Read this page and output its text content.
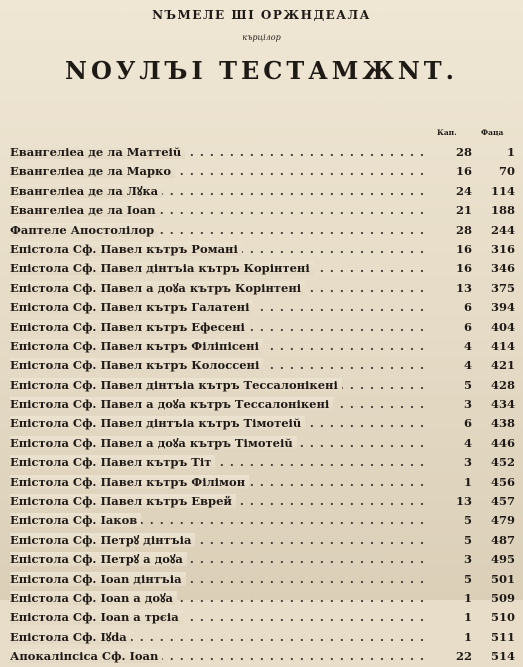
NЪMЕЛЕ ШI OРЖНДЕАЛА
кърцілор
NОУЛЪI ТЕСТАМЖNТ.
Кап.	Фаца
. . .
Евангеліеа де ла Маттеіŭ	28	1
. . .
Евангеліеа де ла Марко	16	70
. . .
Евангеліеа де ла Лꙋка	24	114
. . .
Евангеліеа де ла Ioan	21	188
. . .
Фаптеле Апостолілор	28	244
. . .
Епістола Сф. Павел кътръ Романі	16	316
. . .
Епістола Сф. Павел дінтъіа кътръ Корінтені	16	346
. . .
Епістола Сф. Павел а доꙋа кътръ Корінтені	13	375
. . .
Епістола Сф. Павел кътръ Галатені	6	394
. . .
Епістола Сф. Павел кътръ Ефесені	6	404
. . .
Епістола Сф. Павел кътръ Філіпісені	4	414
. . .
Епістола Сф. Павел кътръ Колоссені	4	421
. . .
Епістола Сф. Павел дінтъіа кътръ Тессалонікені	5	428
. . .
Епістола Сф. Павел а доꙋа кътръ Тессалонікені	3	434
. . .
Епістола Сф. Павел дінтъіа кътръ Тімотеіŭ	6	438
. . .
Епістола Сф. Павел а доꙋа кътръ Тімотеіŭ	4	446
. . .
Епістола Сф. Павел кътръ Тіт	3	452
. . .
Епістола Сф. Павел кътръ Філімон	1	456
. . .
Епістола Сф. Павел кътръ Еврей	13	457
. . .
Епістола Сф. Іаков	5	479
. . .
Епістола Сф. Петрꙋ дінтъіа	5	487
. . .
Епістола Сф. Петрꙋ а доꙋа	3	495
. . .
Епістола Сф. Ioan дінтъіа	5	501
. . .
Епістола Сф. Ioan а доꙋа	1	509
. . .
Епістола Сф. Ioan а трєіа	1	510
. . .
Епістола Сф. Iꙋda	1	511
. . .
Апокаліпсіса Сф. Ioan	22	514
